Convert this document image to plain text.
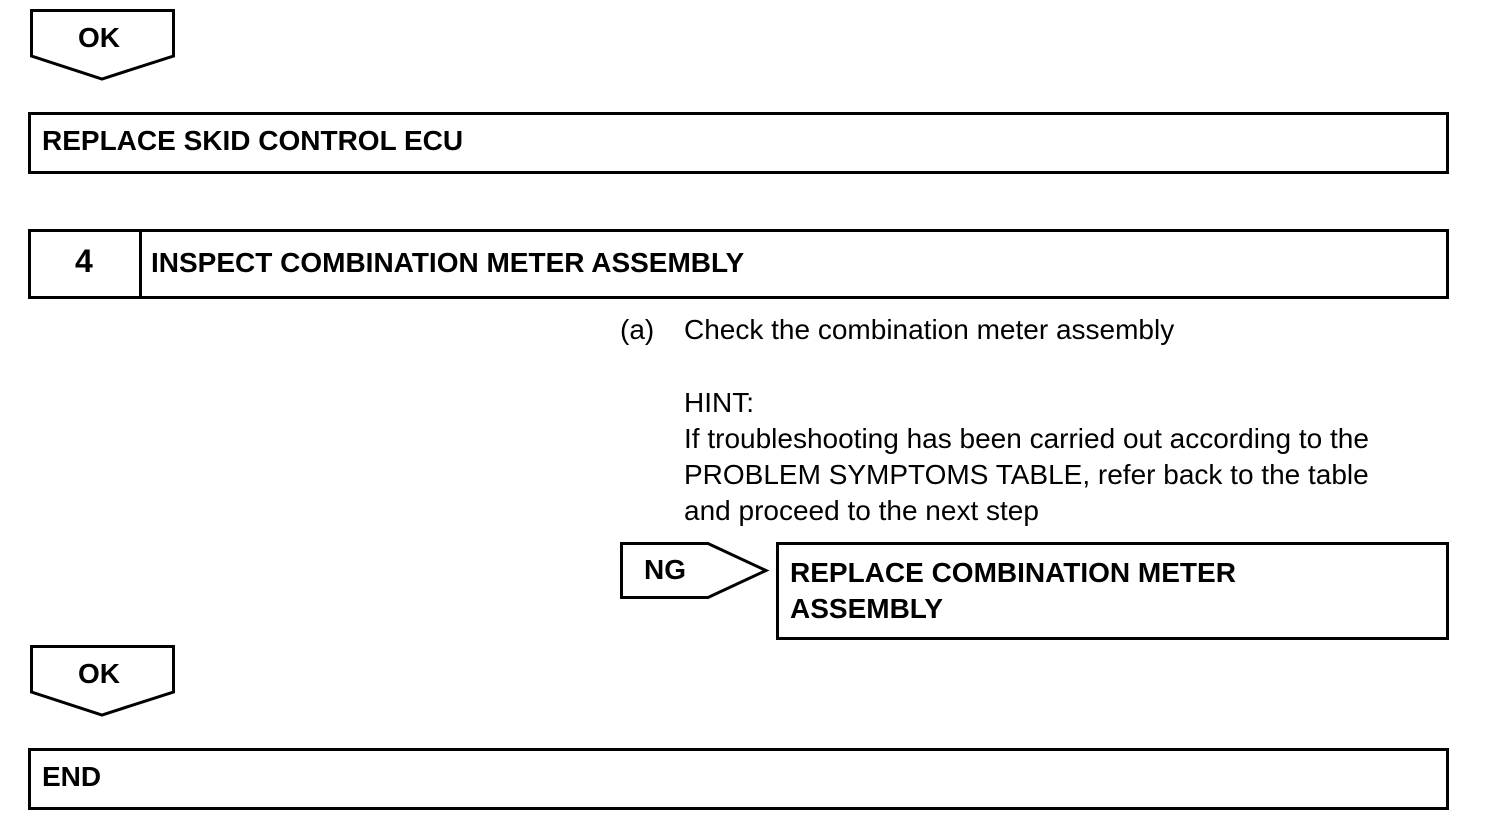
OK
REPLACE SKID CONTROL ECU
4 INSPECT COMBINATION METER ASSEMBLY
(a) Check the combination meter assembly
HINT:
If troubleshooting has been carried out according to the
PROBLEM SYMPTOMS TABLE, refer back to the table
and proceed to the next step
NG	REPLACE COMBINATION METER
ASSEMBLY
OK
END
